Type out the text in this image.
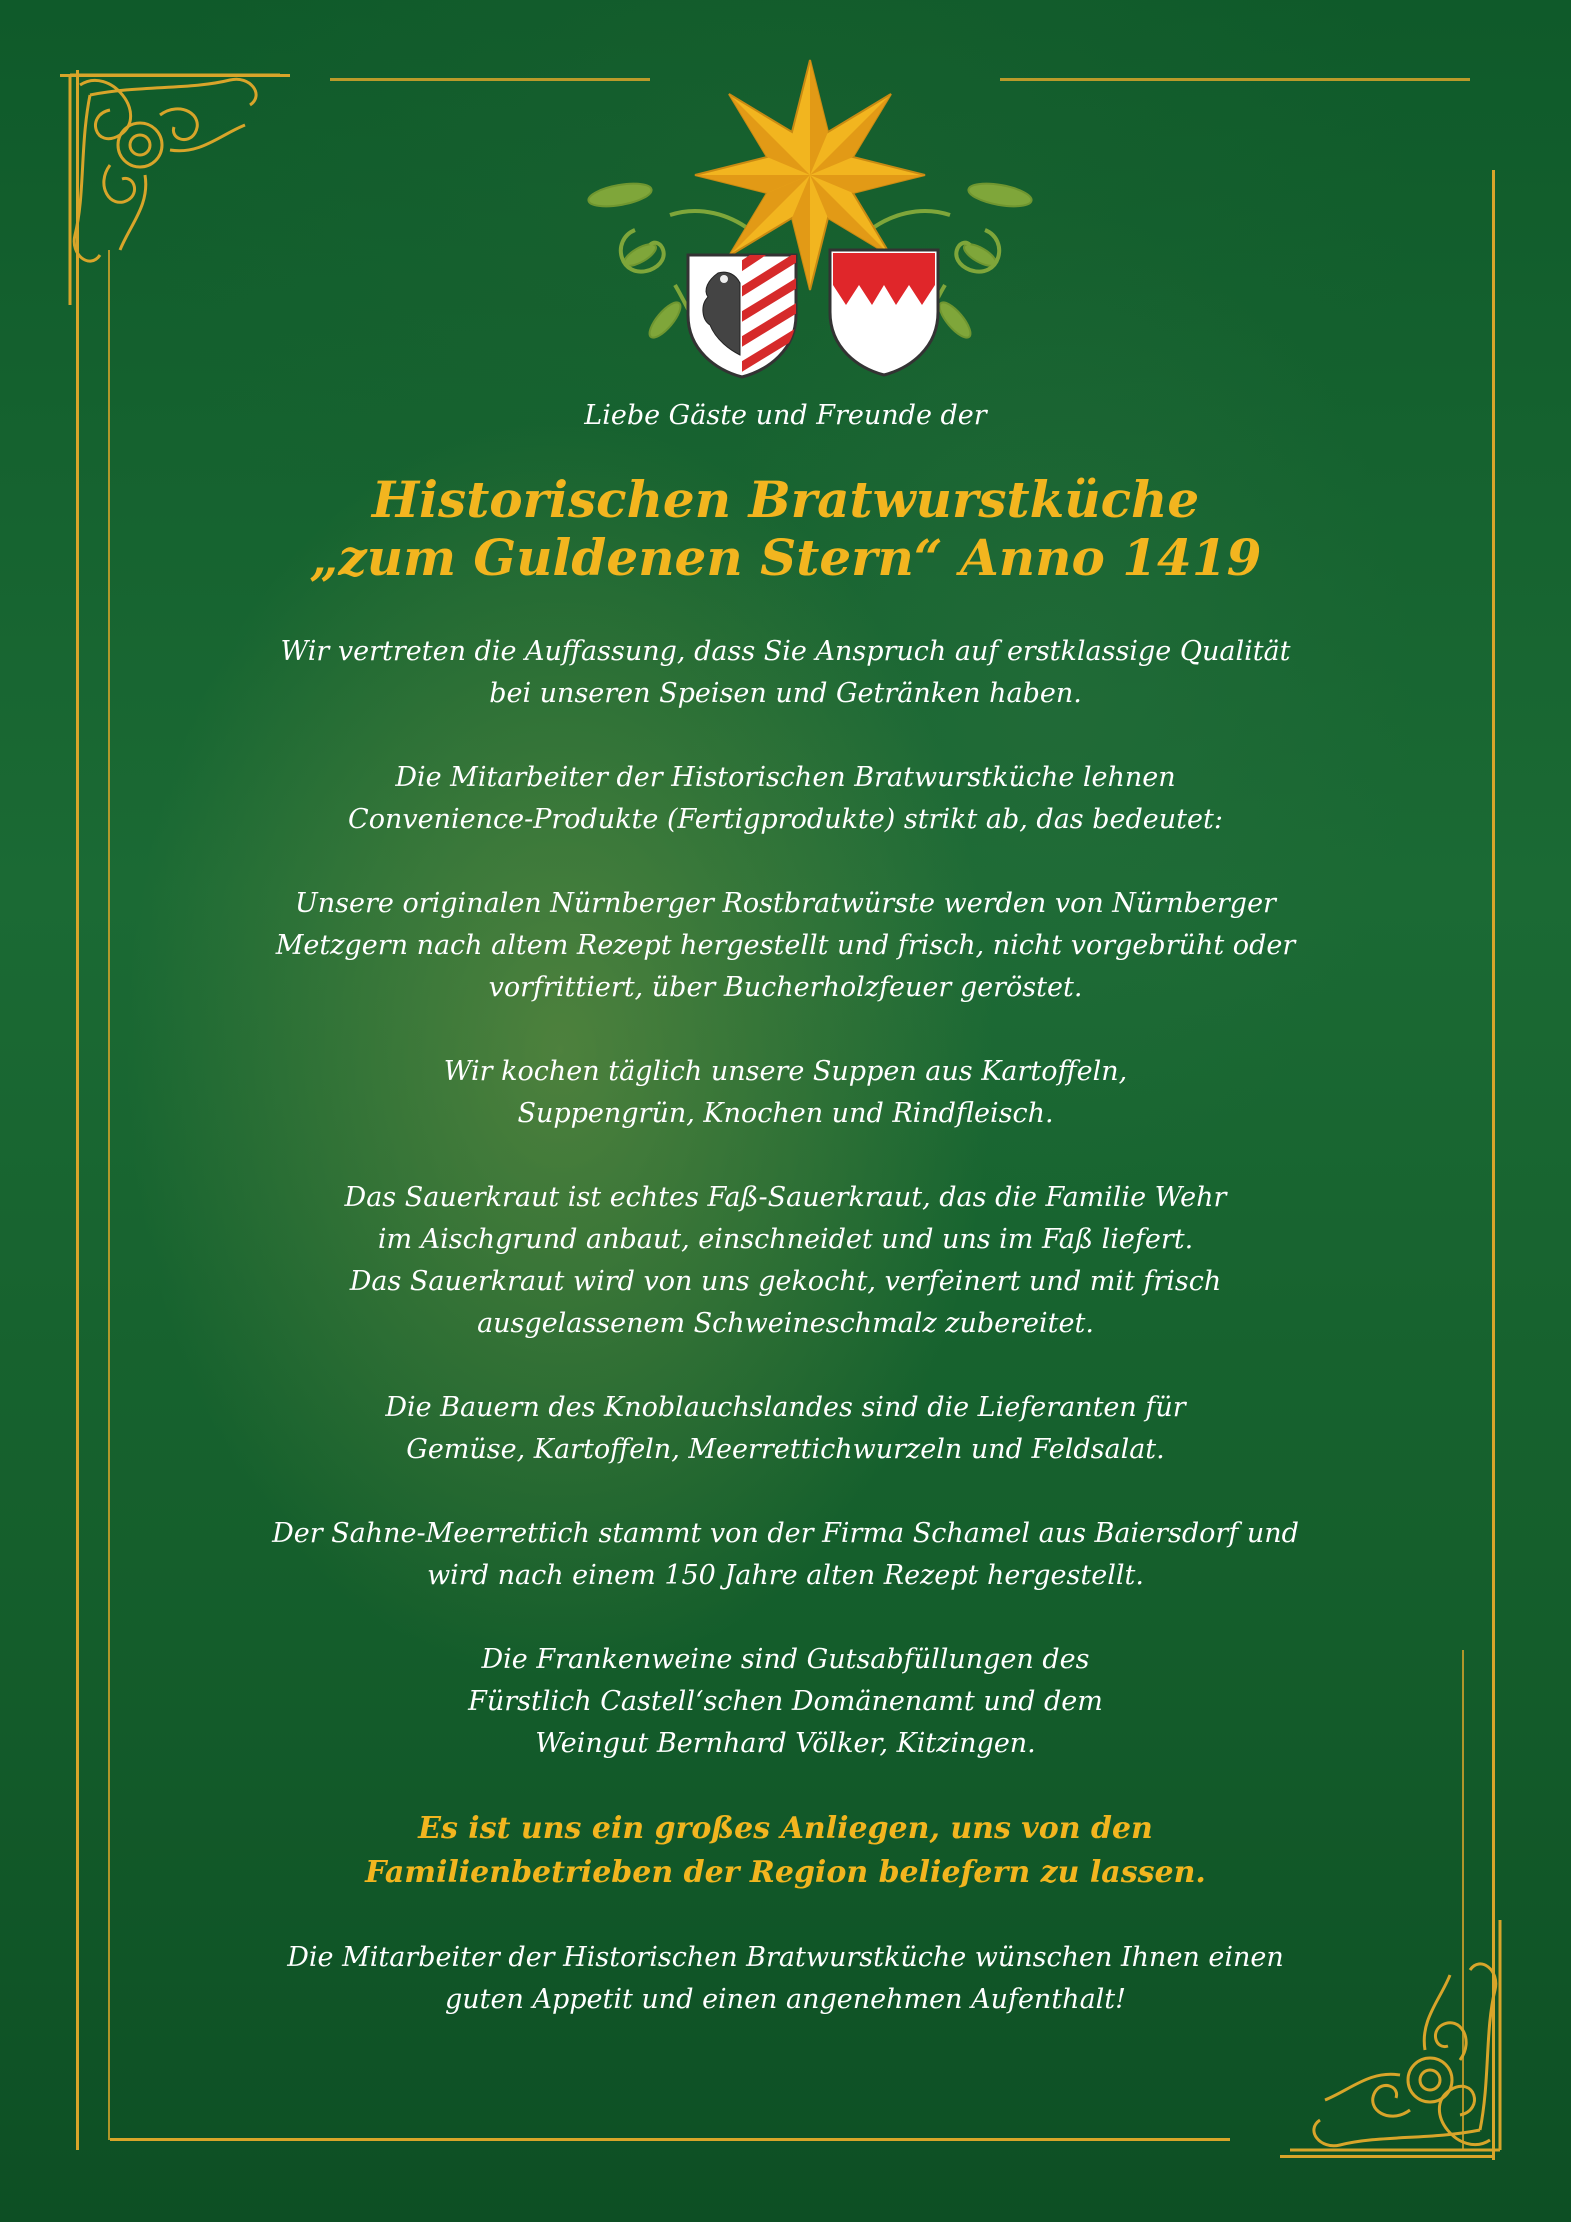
Liebe Gäste und Freunde der

Historischen Bratwurstküche
„zum Guldenen Stern“ Anno 1419

Wir vertreten die Auffassung, dass Sie Anspruch auf erstklassige Qualität
bei unseren Speisen und Getränken haben.

Die Mitarbeiter der Historischen Bratwurstküche lehnen
Convenience-Produkte (Fertigprodukte) strikt ab, das bedeutet:

Unsere originalen Nürnberger Rostbratwürste werden von Nürnberger
Metzgern nach altem Rezept hergestellt und frisch, nicht vorgebrüht oder
vorfrittiert, über Bucherholzfeuer geröstet.

Wir kochen täglich unsere Suppen aus Kartoffeln,
Suppengrün, Knochen und Rindfleisch.

Das Sauerkraut ist echtes Faß-Sauerkraut, das die Familie Wehr
im Aischgrund anbaut, einschneidet und uns im Faß liefert.
Das Sauerkraut wird von uns gekocht, verfeinert und mit frisch
ausgelassenem Schweineschmalz zubereitet.

Die Bauern des Knoblauchslandes sind die Lieferanten für
Gemüse, Kartoffeln, Meerrettichwurzeln und Feldsalat.

Der Sahne-Meerrettich stammt von der Firma Schamel aus Baiersdorf und
wird nach einem 150 Jahre alten Rezept hergestellt.

Die Frankenweine sind Gutsabfüllungen des
Fürstlich Castell‘schen Domänenamt und dem
Weingut Bernhard Völker, Kitzingen.

Es ist uns ein großes Anliegen, uns von den
Familienbetrieben der Region beliefern zu lassen.

Die Mitarbeiter der Historischen Bratwurstküche wünschen Ihnen einen
guten Appetit und einen angenehmen Aufenthalt!
